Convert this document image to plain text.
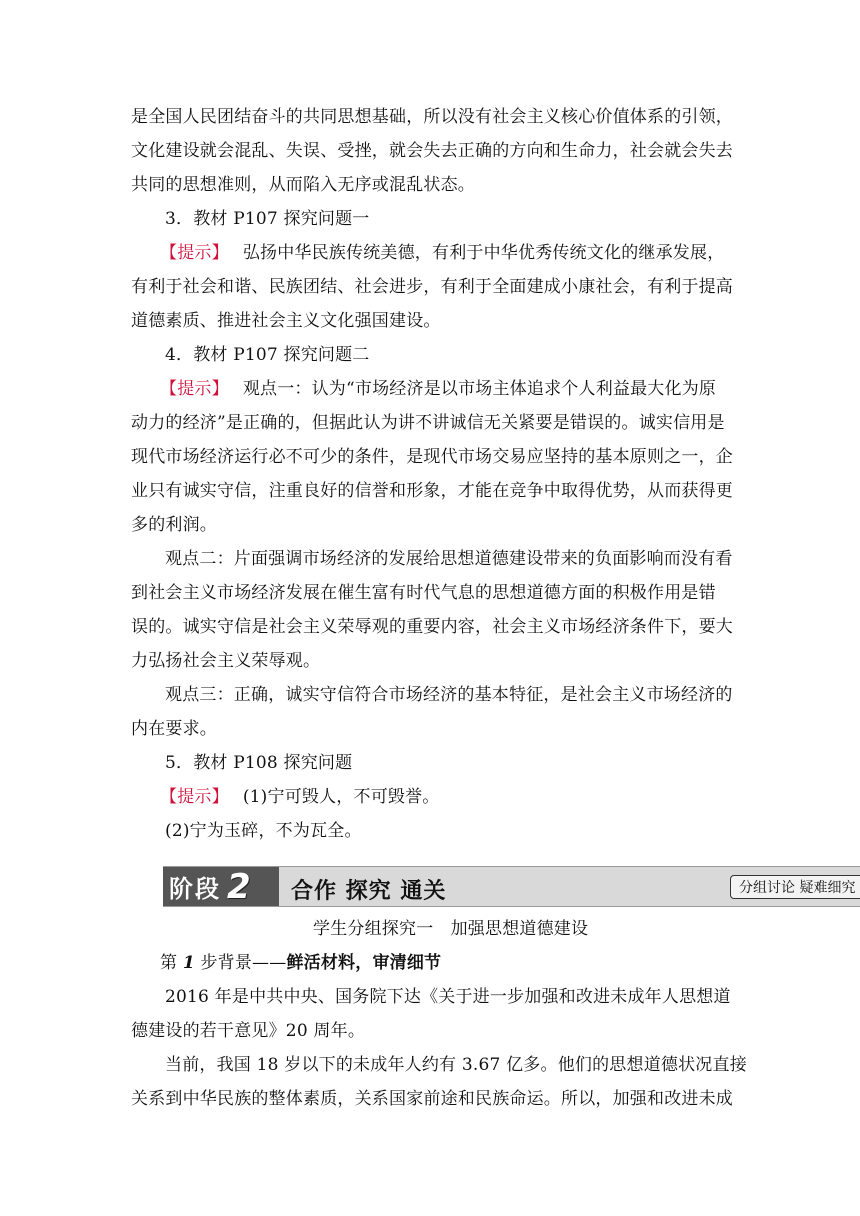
是全国人民团结奋斗的共同思想基础，所以没有社会主义核心价值体系的引领，
文化建设就会混乱、失误、受挫，就会失去正确的方向和生命力，社会就会失去
共同的思想准则，从而陷入无序或混乱状态。
3．教材 P107 探究问题一
【提示】 弘扬中华民族传统美德，有利于中华优秀传统文化的继承发展，
有利于社会和谐、民族团结、社会进步，有利于全面建成小康社会，有利于提高
道德素质、推进社会主义文化强国建设。
4．教材 P107 探究问题二
【提示】 观点一：认为“市场经济是以市场主体追求个人利益最大化为原
动力的经济”是正确的，但据此认为讲不讲诚信无关紧要是错误的。诚实信用是
现代市场经济运行必不可少的条件，是现代市场交易应坚持的基本原则之一，企
业只有诚实守信，注重良好的信誉和形象，才能在竞争中取得优势，从而获得更
多的利润。
观点二：片面强调市场经济的发展给思想道德建设带来的负面影响而没有看
到社会主义市场经济发展在催生富有时代气息的思想道德方面的积极作用是错
误的。诚实守信是社会主义荣辱观的重要内容，社会主义市场经济条件下，要大
力弘扬社会主义荣辱观。
观点三：正确，诚实守信符合市场经济的基本特征，是社会主义市场经济的
内在要求。
5．教材 P108 探究问题
【提示】 (1)宁可毁人，不可毁誉。
(2)宁为玉碎，不为瓦全。
阶段 2 合作 探究 通关	分组讨论 疑难细究
学生分组探究一　加强思想道德建设
第 1 步背景——鲜活材料，审清细节
2016 年是中共中央、国务院下达《关于进一步加强和改进未成年人思想道
德建设的若干意见》20 周年。
当前，我国 18 岁以下的未成年人约有 3.67 亿多。他们的思想道德状况直接
关系到中华民族的整体素质，关系国家前途和民族命运。所以，加强和改进未成
